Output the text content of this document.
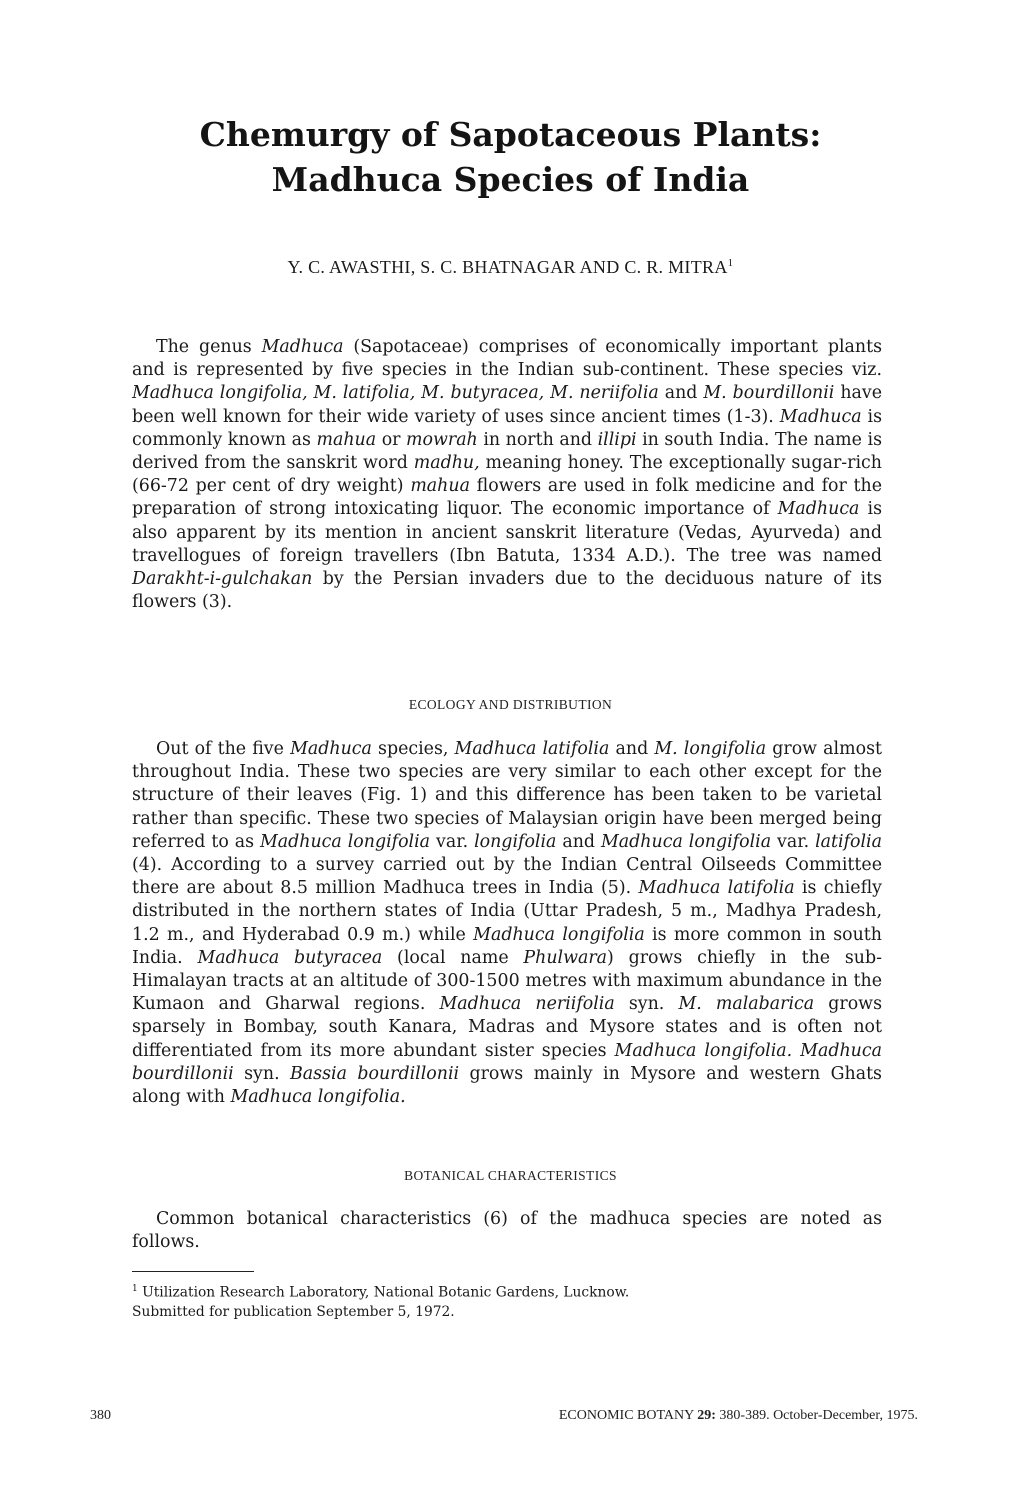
Chemurgy of Sapotaceous Plants:
Madhuca Species of India
Y. C. AWASTHI, S. C. BHATNAGAR AND C. R. MITRA$^1$

The genus Madhuca (Sapotaceae) comprises of economically important plants and is represented by five species in the Indian sub-continent. These species viz. Madhuca longifolia, M. latifolia, M. butyracea, M. neriifolia and M. bourdillonii have been well known for their wide variety of uses since ancient times (1-3). Madhuca is commonly known as mahua or mowrah in north and illipi in south India. The name is derived from the sanskrit word madhu, meaning honey. The exceptionally sugar-rich (66-72 per cent of dry weight) mahua flowers are used in folk medicine and for the preparation of strong intoxicating liquor. The economic importance of Madhuca is also apparent by its mention in ancient sanskrit literature (Vedas, Ayurveda) and travellogues of foreign travellers (Ibn Batuta, 1334 A.D.). The tree was named Darakht-i-gulchakan by the Persian invaders due to the deciduous nature of its flowers (3).

ECOLOGY AND DISTRIBUTION

Out of the five Madhuca species, Madhuca latifolia and M. longifolia grow almost throughout India. These two species are very similar to each other except for the structure of their leaves (Fig. 1) and this difference has been taken to be varietal rather than specific. These two species of Malaysian origin have been merged being referred to as Madhuca longifolia var. longifolia and Madhuca longifolia var. latifolia (4). According to a survey carried out by the Indian Central Oilseeds Committee there are about 8.5 million Madhuca trees in India (5). Madhuca latifolia is chiefly distributed in the northern states of India (Uttar Pradesh, 5 m., Madhya Pradesh, 1.2 m., and Hyderabad 0.9 m.) while Madhuca longifolia is more common in south India. Madhuca butyracea (local name Phulwara) grows chiefly in the sub-Himalayan tracts at an altitude of 300-1500 metres with maximum abundance in the Kumaon and Gharwal regions. Madhuca neriifolia syn. M. malabarica grows sparsely in Bombay, south Kanara, Madras and Mysore states and is often not differentiated from its more abundant sister species Madhuca longifolia. Madhuca bourdillonii syn. Bassia bourdillonii grows mainly in Mysore and western Ghats along with Madhuca longifolia.

BOTANICAL CHARACTERISTICS

Common botanical characteristics (6) of the madhuca species are noted as follows.

$^1$ Utilization Research Laboratory, National Botanic Gardens, Lucknow.
Submitted for publication September 5, 1972.
380	ECONOMIC BOTANY 29: 380-389. October-December, 1975.
